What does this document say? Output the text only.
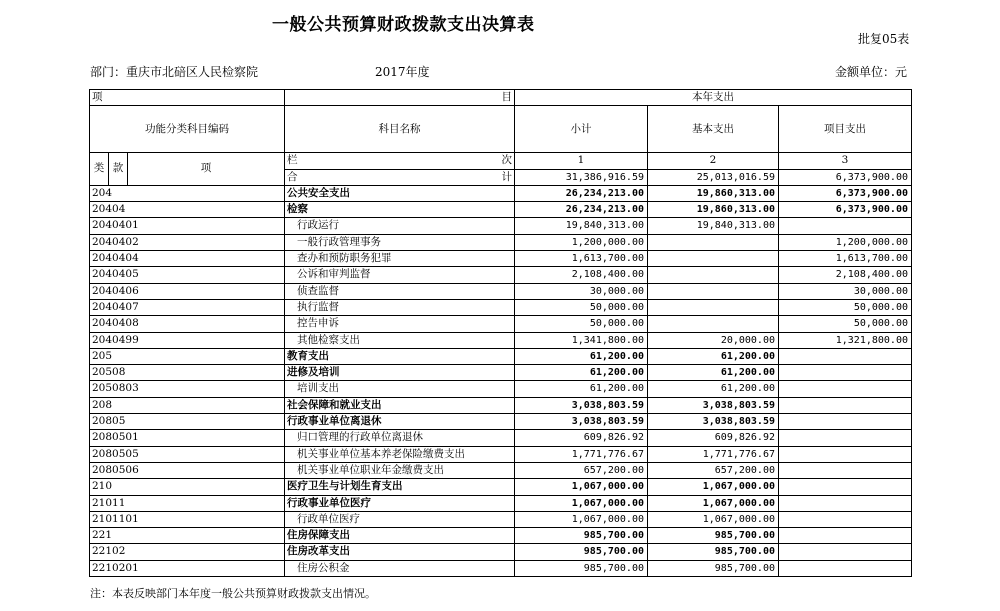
一般公共预算财政拨款支出决算表
批复05表
部门：重庆市北碚区人民检察院	2017年度	金额单位：元
项			目	本年支出		
功能分类科目编码			科目名称	小计	基本支出	项目支出
类	款	项	栏 次	1	2	3

			合 计	31,386,916.59	25,013,016.59	6,373,900.00
204			公共安全支出	26,234,213.00	19,860,313.00	6,373,900.00
20404			检察	26,234,213.00	19,860,313.00	6,373,900.00
2040401			行政运行	19,840,313.00	19,840,313.00	
2040402			一般行政管理事务	1,200,000.00		1,200,000.00
2040404			查办和预防职务犯罪	1,613,700.00		1,613,700.00
2040405			公诉和审判监督	2,108,400.00		2,108,400.00
2040406			侦查监督	30,000.00		30,000.00
2040407			执行监督	50,000.00		50,000.00
2040408			控告申诉	50,000.00		50,000.00
2040499			其他检察支出	1,341,800.00	20,000.00	1,321,800.00
205			教育支出	61,200.00	61,200.00	
20508			进修及培训	61,200.00	61,200.00	
2050803			培训支出	61,200.00	61,200.00	
208			社会保障和就业支出	3,038,803.59	3,038,803.59	
20805			行政事业单位离退休	3,038,803.59	3,038,803.59	
2080501			归口管理的行政单位离退休	609,826.92	609,826.92	
2080505			机关事业单位基本养老保险缴费支出	1,771,776.67	1,771,776.67	
2080506			机关事业单位职业年金缴费支出	657,200.00	657,200.00	
210			医疗卫生与计划生育支出	1,067,000.00	1,067,000.00	
21011			行政事业单位医疗	1,067,000.00	1,067,000.00	
2101101			行政单位医疗	1,067,000.00	1,067,000.00	
221			住房保障支出	985,700.00	985,700.00	
22102			住房改革支出	985,700.00	985,700.00	
2210201			住房公积金	985,700.00	985,700.00	
注：本表反映部门本年度一般公共预算财政拨款支出情况。
